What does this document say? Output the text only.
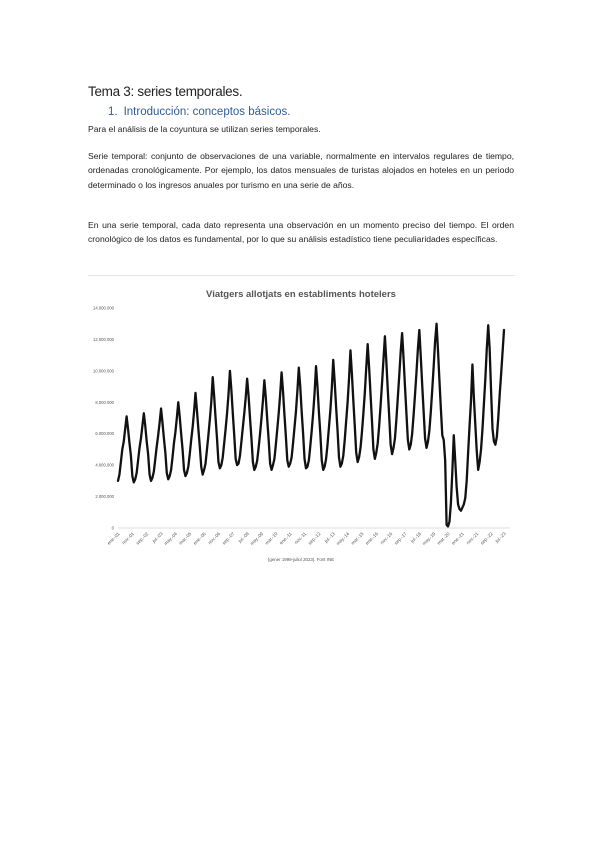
Tema 3: series temporales.
1. Introducción: conceptos básicos.
Para el análisis de la coyuntura se utilizan series temporales.
Serie temporal: conjunto de observaciones de una variable, normalmente en intervalos regulares de tiempo, ordenadas cronológicamente. Por ejemplo, los datos mensuales de turistas alojados en hoteles en un periodo determinado o los ingresos anuales por turismo en una serie de años.
En una serie temporal, cada dato representa una observación en un momento preciso del tiempo. El orden cronológico de los datos es fundamental, por lo que su análisis estadístico tiene peculiaridades específicas.
Viatgers allotjats en establiments hotelers
0
2.000.000
4.000.000
6.000.000
8.000.000
10.000.000
12.000.000
14.000.000
ene.-01 nov.-01 sep.-02 jul.-03 may.-04 mar.-05 ene.-06 nov.-06 sep.-07 jul.-08 may.-09 mar.-10 ene.-11 nov.-11 sep.-12 jul.-13 may.-14 mar.-15 ene.-16 nov.-16 sep.-17 jul.-18 may.-19 mar.-20 ene.-21 nov.-21 sep.-22 jul.-23
(gener 1999-juliol 2023). Font INE
